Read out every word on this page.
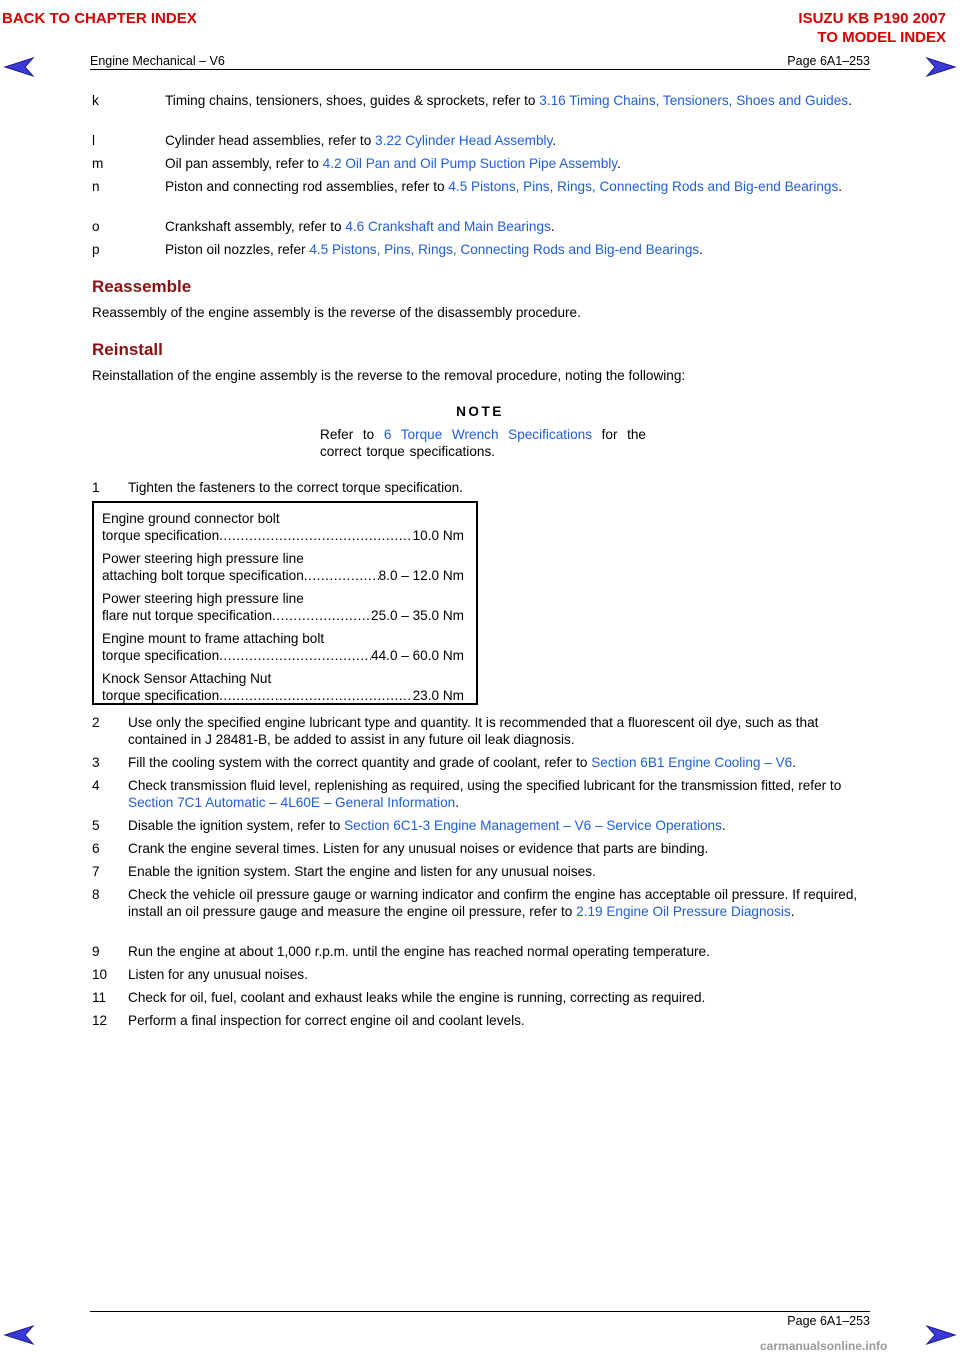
BACK TO CHAPTER INDEX	ISUZU KB P190 2007
TO MODEL INDEX
Engine Mechanical – V6	Page 6A1–253
k	Timing chains, tensioners, shoes, guides & sprockets, refer to 3.16 Timing Chains, Tensioners, Shoes and Guides.
l	Cylinder head assemblies, refer to 3.22 Cylinder Head Assembly.
m	Oil pan assembly, refer to 4.2 Oil Pan and Oil Pump Suction Pipe Assembly.
n	Piston and connecting rod assemblies, refer to 4.5 Pistons, Pins, Rings, Connecting Rods and Big-end Bearings.
o	Crankshaft assembly, refer to 4.6 Crankshaft and Main Bearings.
p	Piston oil nozzles, refer 4.5 Pistons, Pins, Rings, Connecting Rods and Big-end Bearings.
Reassemble
Reassembly of the engine assembly is the reverse of the disassembly procedure.
Reinstall
Reinstallation of the engine assembly is the reverse to the removal procedure, noting the following:
NOTE
Refer to 6 Torque Wrench Specifications for the correct torque specifications.
1 Tighten the fasteners to the correct torque specification.
Engine ground connector bolt
torque specification .....	10.0 Nm
Power steering high pressure line
attaching bolt torque specification .....	8.0 – 12.0 Nm
Power steering high pressure line
flare nut torque specification .....	25.0 – 35.0 Nm
Engine mount to frame attaching bolt
torque specification .....	44.0 – 60.0 Nm
Knock Sensor Attaching Nut
torque specification .....	23.0 Nm
2 Use only the specified engine lubricant type and quantity. It is recommended that a fluorescent oil dye, such as that contained in J 28481-B, be added to assist in any future oil leak diagnosis.
3 Fill the cooling system with the correct quantity and grade of coolant, refer to Section 6B1 Engine Cooling – V6.
4 Check transmission fluid level, replenishing as required, using the specified lubricant for the transmission fitted, refer to Section 7C1 Automatic – 4L60E – General Information.
5 Disable the ignition system, refer to Section 6C1-3 Engine Management – V6 – Service Operations.
6 Crank the engine several times. Listen for any unusual noises or evidence that parts are binding.
7 Enable the ignition system. Start the engine and listen for any unusual noises.
8 Check the vehicle oil pressure gauge or warning indicator and confirm the engine has acceptable oil pressure. If required, install an oil pressure gauge and measure the engine oil pressure, refer to 2.19 Engine Oil Pressure Diagnosis.
9 Run the engine at about 1,000 r.p.m. until the engine has reached normal operating temperature.
10 Listen for any unusual noises.
11 Check for oil, fuel, coolant and exhaust leaks while the engine is running, correcting as required.
12 Perform a final inspection for correct engine oil and coolant levels.
Page 6A1–253
carmanualsonline.info
